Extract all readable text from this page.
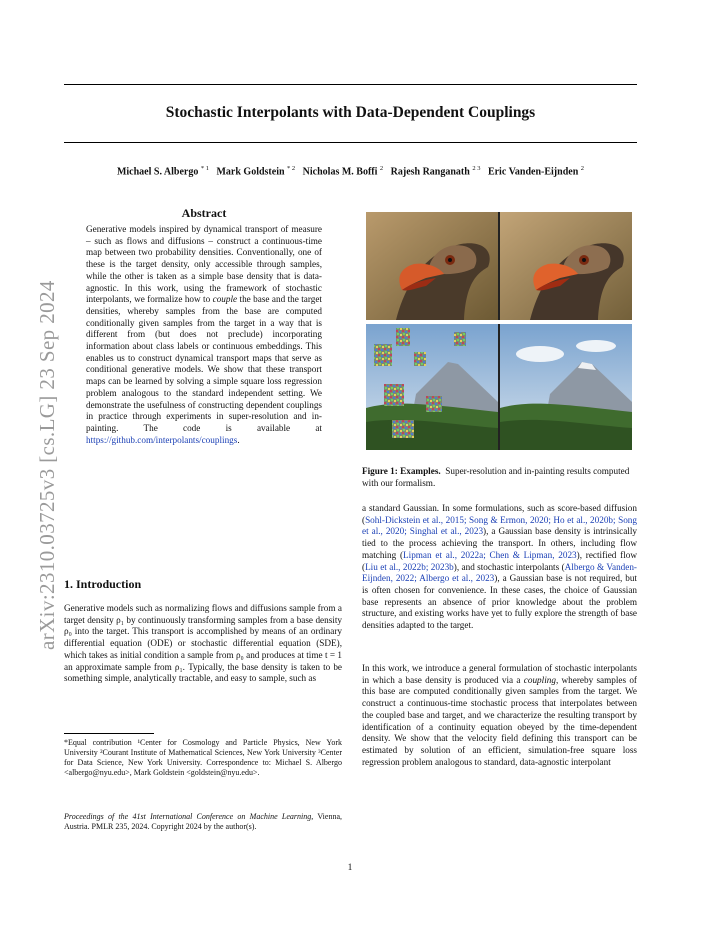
Stochastic Interpolants with Data-Dependent Couplings
Michael S. Albergo $^{* 1}$ Mark Goldstein $^{* 2}$ Nicholas M. Boffi $^2$ Rajesh Ranganath $^{2 3}$ Eric Vanden-Eijnden $^2$
arXiv:2310.03725v3 [cs.LG] 23 Sep 2024
Abstract
Generative models inspired by dynamical transport of measure – such as flows and diffusions – construct a continuous-time map between two probability densities. Conventionally, one of these is the target density, only accessible through samples, while the other is taken as a simple base density that is data-agnostic. In this work, using the framework of stochastic interpolants, we formalize how to couple the base and the target densities, whereby samples from the base are computed conditionally given samples from the target in a way that is different from (but does not preclude) incorporating information about class labels or continuous embeddings. This enables us to construct dynamical transport maps that serve as conditional generative models. We show that these transport maps can be learned by solving a simple square loss regression problem analogous to the standard independent setting. We demonstrate the usefulness of constructing dependent couplings in practice through experiments in super-resolution and in-painting. The code is available at https://github.com/interpolants/couplings.
1. Introduction
Generative models such as normalizing flows and diffusions sample from a target density ρ₁ by continuously transforming samples from a base density ρ₀ into the target. This transport is accomplished by means of an ordinary differential equation (ODE) or stochastic differential equation (SDE), which takes as initial condition a sample from ρ₀ and produces at time t = 1 an approximate sample from ρ₁. Typically, the base density is taken to be something simple, analytically tractable, and easy to sample, such as
*Equal contribution ¹Center for Cosmology and Particle Physics, New York University ²Courant Institute of Mathematical Sciences, New York University ³Center for Data Science, New York University. Correspondence to: Michael S. Albergo <albergo@nyu.edu>, Mark Goldstein <goldstein@nyu.edu>.
Proceedings of the 41st International Conference on Machine Learning, Vienna, Austria. PMLR 235, 2024. Copyright 2024 by the author(s).
Figure 1: Examples. Super-resolution and in-painting results computed with our formalism.
a standard Gaussian. In some formulations, such as score-based diffusion (Sohl-Dickstein et al., 2015; Song & Ermon, 2020; Ho et al., 2020b; Song et al., 2020; Singhal et al., 2023), a Gaussian base density is intrinsically tied to the process achieving the transport. In others, including flow matching (Lipman et al., 2022a; Chen & Lipman, 2023), rectified flow (Liu et al., 2022b; 2023b), and stochastic interpolants (Albergo & Vanden-Eijnden, 2022; Albergo et al., 2023), a Gaussian base is not required, but is often chosen for convenience. In these cases, the choice of Gaussian base represents an absence of prior knowledge about the problem structure, and existing works have yet to fully explore the strength of base densities adapted to the target.
In this work, we introduce a general formulation of stochastic interpolants in which a base density is produced via a coupling, whereby samples of this base are computed conditionally given samples from the target. We construct a continuous-time stochastic process that interpolates between the coupled base and target, and we characterize the resulting transport by identification of a continuity equation obeyed by the time-dependent density. We show that the velocity field defining this transport can be estimated by solution of an efficient, simulation-free square loss regression problem analogous to standard, data-agnostic interpolant
1
